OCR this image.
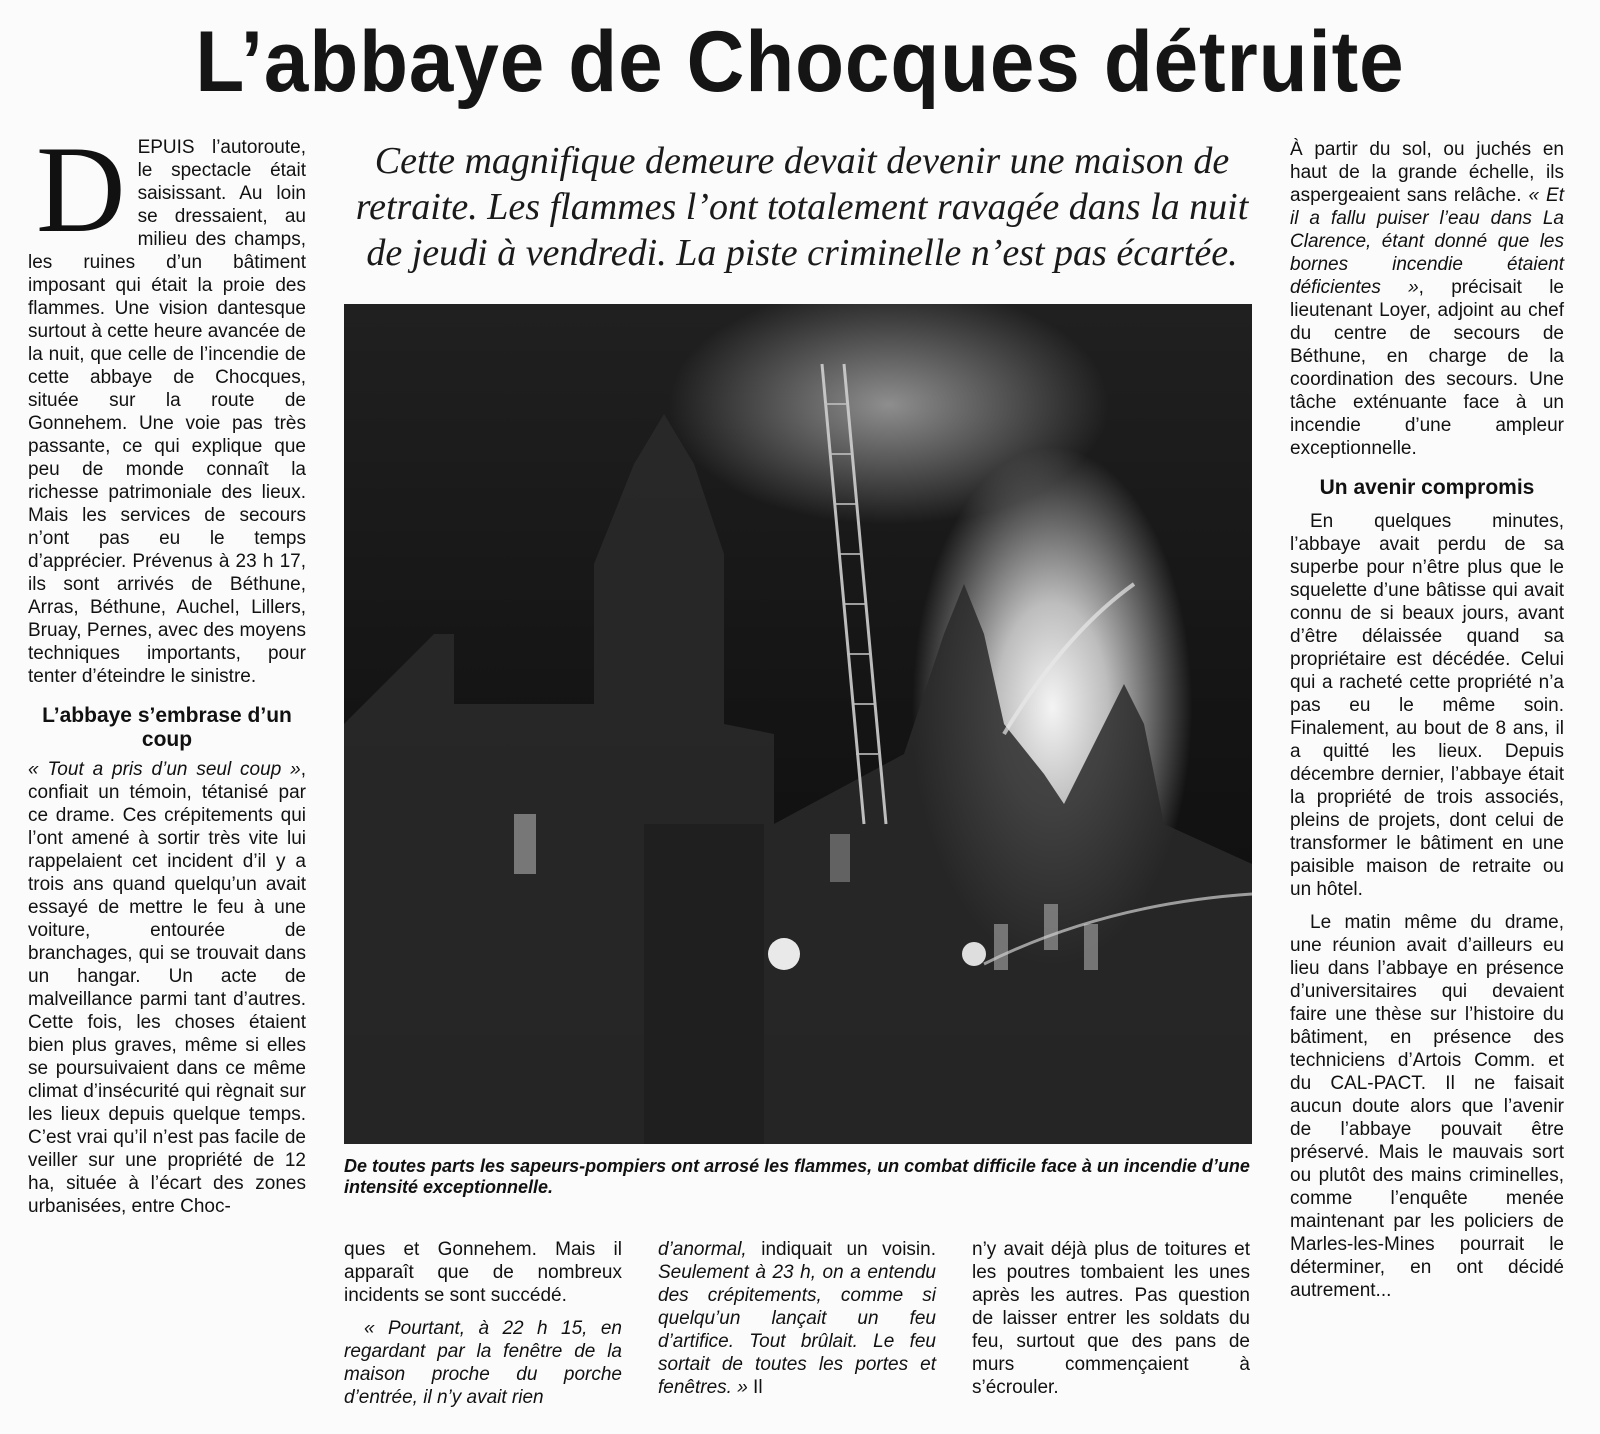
L’abbaye de Chocques détruite

D EPUIS l’autoroute, le spectacle était saisissant. Au loin se dressaient, au milieu des champs, les ruines d’un bâtiment imposant qui était la proie des flammes. Une vision dantesque surtout à cette heure avancée de la nuit, que celle de l’incendie de cette abbaye de Chocques, située sur la route de Gonnehem. Une voie pas très passante, ce qui explique que peu de monde connaît la richesse patrimoniale des lieux. Mais les services de secours n’ont pas eu le temps d’apprécier. Prévenus à 23 h 17, ils sont arrivés de Béthune, Arras, Béthune, Auchel, Lillers, Bruay, Pernes, avec des moyens techniques importants, pour tenter d’éteindre le sinistre.

L’abbaye s’embrase d’un coup

« Tout a pris d’un seul coup », confiait un témoin, tétanisé par ce drame. Ces crépitements qui l’ont amené à sortir très vite lui rappelaient cet incident d’il y a trois ans quand quelqu’un avait essayé de mettre le feu à une voiture, entourée de branchages, qui se trouvait dans un hangar. Un acte de malveillance parmi tant d’autres. Cette fois, les choses étaient bien plus graves, même si elles se poursuivaient dans ce même climat d’insécurité qui règnait sur les lieux depuis quelque temps. C’est vrai qu’il n’est pas facile de veiller sur une propriété de 12 ha, située à l’écart des zones urbanisées, entre Choc-

Cette magnifique demeure devait devenir une maison de retraite. Les flammes l’ont totalement ravagée dans la nuit de jeudi à vendredi. La piste criminelle n’est pas écartée.
De toutes parts les sapeurs-pompiers ont arrosé les flammes, un combat difficile face à un incendie d’une intensité exceptionnelle.

ques et Gonnehem. Mais il apparaît que de nombreux incidents se sont succédé.

« Pourtant, à 22 h 15, en regardant par la fenêtre de la maison proche du porche d’entrée, il n’y avait rien

d’anormal, indiquait un voisin. Seulement à 23 h, on a entendu des crépitements, comme si quelqu’un lançait un feu d’artifice. Tout brûlait. Le feu sortait de toutes les portes et fenêtres. » Il

n’y avait déjà plus de toitures et les poutres tombaient les unes après les autres. Pas question de laisser entrer les soldats du feu, surtout que des pans de murs commençaient à s’écrouler.

À partir du sol, ou juchés en haut de la grande échelle, ils aspergeaient sans relâche. « Et il a fallu puiser l’eau dans La Clarence, étant donné que les bornes incendie étaient déficientes », précisait le lieutenant Loyer, adjoint au chef du centre de secours de Béthune, en charge de la coordination des secours. Une tâche exténuante face à un incendie d’une ampleur exceptionnelle.

Un avenir compromis

En quelques minutes, l’abbaye avait perdu de sa superbe pour n’être plus que le squelette d’une bâtisse qui avait connu de si beaux jours, avant d’être délaissée quand sa propriétaire est décédée. Celui qui a racheté cette propriété n’a pas eu le même soin. Finalement, au bout de 8 ans, il a quitté les lieux. Depuis décembre dernier, l’abbaye était la propriété de trois associés, pleins de projets, dont celui de transformer le bâtiment en une paisible maison de retraite ou un hôtel.

Le matin même du drame, une réunion avait d’ailleurs eu lieu dans l’abbaye en présence d’universitaires qui devaient faire une thèse sur l’histoire du bâtiment, en présence des techniciens d’Artois Comm. et du CAL-PACT. Il ne faisait aucun doute alors que l’avenir de l’abbaye pouvait être préservé. Mais le mauvais sort ou plutôt des mains criminelles, comme l’enquête menée maintenant par les policiers de Marles-les-Mines pourrait le déterminer, en ont décidé autrement...
